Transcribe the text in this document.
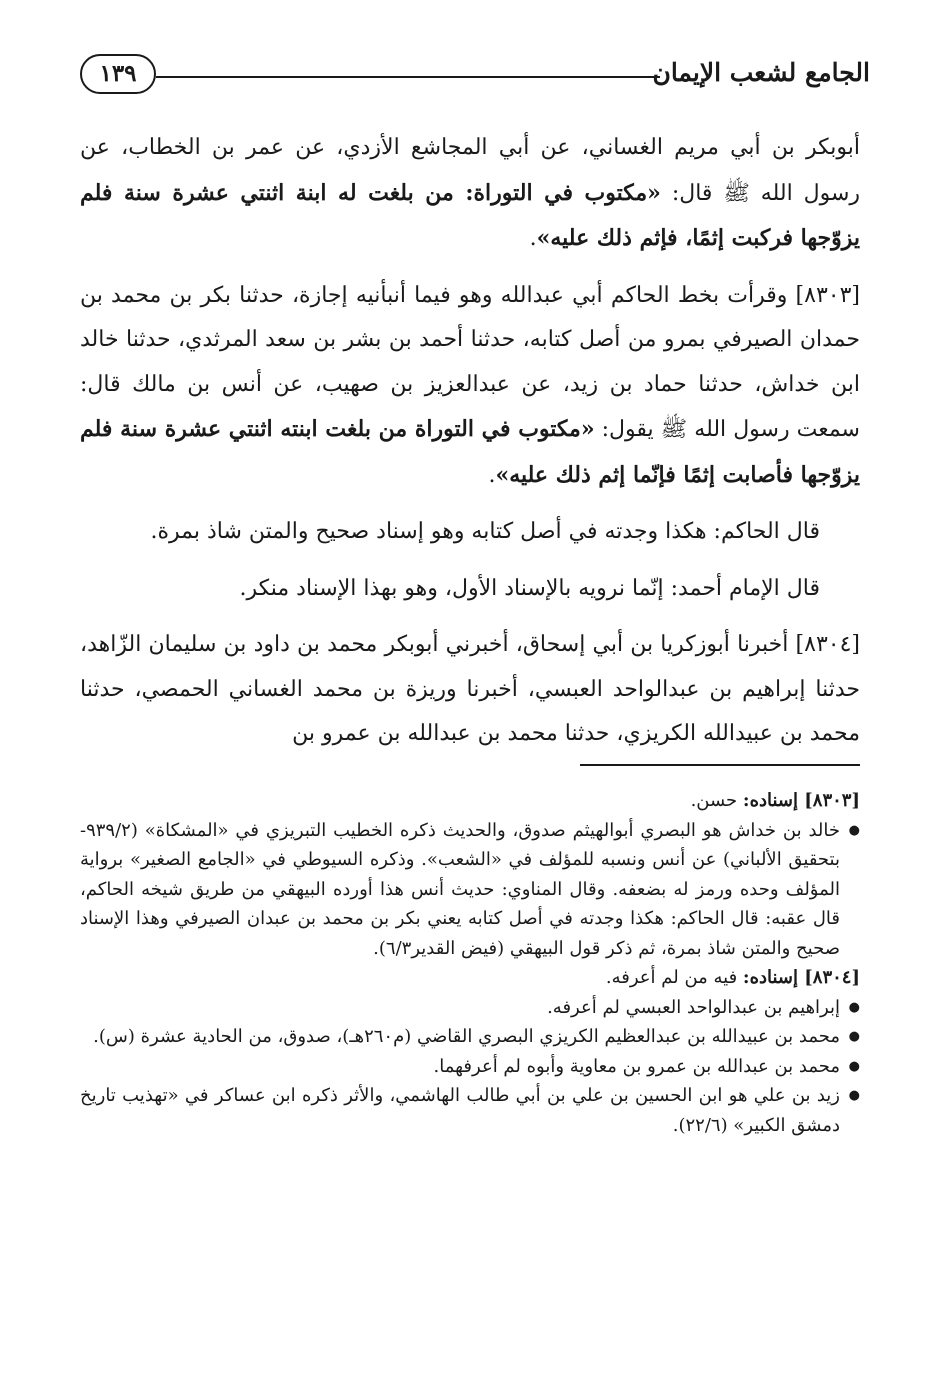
الجامع لشعب الإيمان
١٣٩

أبوبكر بن أبي مريم الغساني، عن أبي المجاشع الأزدي، عن عمر بن الخطاب، عن رسول الله ﷺ قال: «مكتوب في التوراة: من بلغت له ابنة اثنتي عشرة سنة فلم يزوّجها فركبت إثمًا، فإثم ذلك عليه».

[٨٣٠٣] وقرأت بخط الحاكم أبي عبدالله وهو فيما أنبأنيه إجازة، حدثنا بكر بن محمد بن حمدان الصيرفي بمرو من أصل كتابه، حدثنا أحمد بن بشر بن سعد المرثدي، حدثنا خالد ابن خداش، حدثنا حماد بن زيد، عن عبدالعزيز بن صهيب، عن أنس بن مالك قال: سمعت رسول الله ﷺ يقول: «مكتوب في التوراة من بلغت ابنته اثنتي عشرة سنة فلم يزوّجها فأصابت إثمًا فإنّما إثم ذلك عليه».

قال الحاكم: هكذا وجدته في أصل كتابه وهو إسناد صحيح والمتن شاذ بمرة.

قال الإمام أحمد: إنّما نرويه بالإسناد الأول، وهو بهذا الإسناد منكر.

[٨٣٠٤] أخبرنا أبوزكريا بن أبي إسحاق، أخبرني أبوبكر محمد بن داود بن سليمان الزّاهد، حدثنا إبراهيم بن عبدالواحد العبسي، أخبرنا وريزة بن محمد الغساني الحمصي، حدثنا محمد بن عبيدالله الكريزي، حدثنا محمد بن عبدالله بن عمرو بن

[٨٣٠٣] إسناده: حسن.

● خالد بن خداش هو البصري أبوالهيثم صدوق، والحديث ذكره الخطيب التبريزي في «المشكاة» (٩٣٩/٢-بتحقيق الألباني) عن أنس ونسبه للمؤلف في «الشعب». وذكره السيوطي في «الجامع الصغير» برواية المؤلف وحده ورمز له بضعفه. وقال المناوي: حديث أنس هذا أورده البيهقي من طريق شيخه الحاكم، قال عقبه: قال الحاكم: هكذا وجدته في أصل كتابه يعني بكر بن محمد بن عبدان الصيرفي وهذا الإسناد صحيح والمتن شاذ بمرة، ثم ذكر قول البيهقي (فيض القدير٦/٣).

[٨٣٠٤] إسناده: فيه من لم أعرفه.

● إبراهيم بن عبدالواحد العبسي لم أعرفه.
● محمد بن عبيدالله بن عبدالعظيم الكريزي البصري القاضي (م٢٦٠هـ)، صدوق، من الحادية عشرة (س).
● محمد بن عبدالله بن عمرو بن معاوية وأبوه لم أعرفهما.
● زيد بن علي هو ابن الحسين بن علي بن أبي طالب الهاشمي، والأثر ذكره ابن عساكر في «تهذيب تاريخ دمشق الكبير» (٢٢/٦).
